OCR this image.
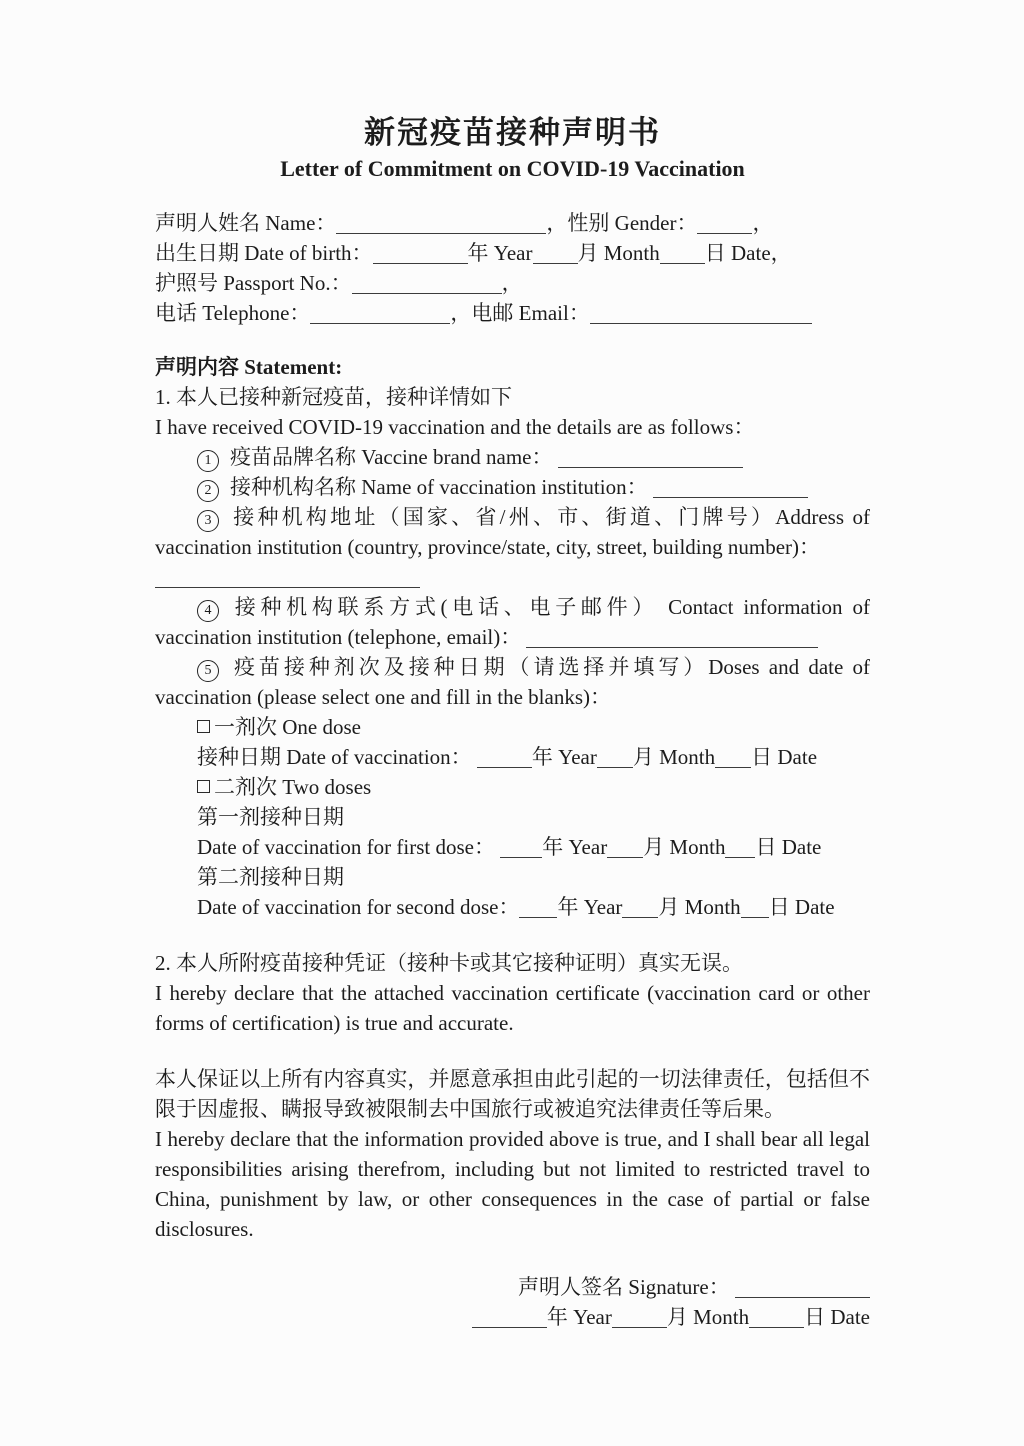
新冠疫苗接种声明书
Letter of Commitment on COVID-19 Vaccination
声明人姓名 Name：	，性别 Gender：	，
出生日期 Date of birth：	年 Year 月 Month 日 Date，
护照号 Passport No.：	，
电话 Telephone：	，电邮 Email：
声明内容 Statement:
1. 本人已接种新冠疫苗，接种详情如下
I have received COVID-19 vaccination and the details are as follows：
1 疫苗品牌名称 Vaccine brand name：
2 接种机构名称 Name of vaccination institution：
3 接种机构地址（国家、省/州、市、街道、门牌号）Address of vaccination institution (country, province/state, city, street, building number)：
4 接种机构联系方式(电话、电子邮件） Contact information of vaccination institution (telephone, email)：
5 疫苗接种剂次及接种日期（请选择并填写）Doses and date of vaccination (please select one and fill in the blanks)：
一剂次 One dose
接种日期 Date of vaccination：	年 Year 月 Month 日 Date
二剂次 Two doses
第一剂接种日期
Date of vaccination for first dose： 年 Year 月 Month 日 Date
第二剂接种日期
Date of vaccination for second dose： 年 Year 月 Month 日 Date
2. 本人所附疫苗接种凭证（接种卡或其它接种证明）真实无误。
I hereby declare that the attached vaccination certificate (vaccination card or other forms of certification) is true and accurate.
本人保证以上所有内容真实，并愿意承担由此引起的一切法律责任，包括但不限于因虚报、瞒报导致被限制去中国旅行或被追究法律责任等后果。
I hereby declare that the information provided above is true, and I shall bear all legal responsibilities arising therefrom, including but not limited to restricted travel to China, punishment by law, or other consequences in the case of partial or false disclosures.
声明人签名 Signature：
年 Year	月 Month	日 Date
